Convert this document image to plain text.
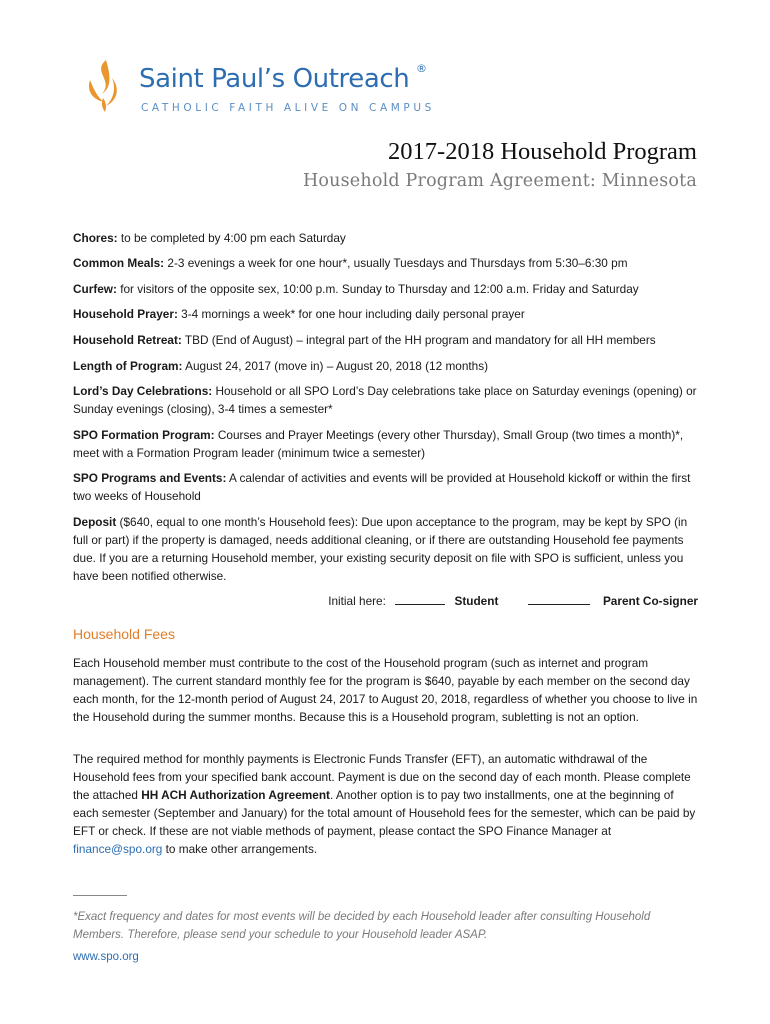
Saint Paul’s Outreach ®
CATHOLIC FAITH ALIVE ON CAMPUS
2017-2018 Household Program
Household Program Agreement: Minnesota
Chores: to be completed by 4:00 pm each Saturday
Common Meals: 2-3 evenings a week for one hour*, usually Tuesdays and Thursdays from 5:30–6:30 pm
Curfew: for visitors of the opposite sex, 10:00 p.m. Sunday to Thursday and 12:00 a.m. Friday and Saturday
Household Prayer: 3-4 mornings a week* for one hour including daily personal prayer
Household Retreat: TBD (End of August) – integral part of the HH program and mandatory for all HH members
Length of Program: August 24, 2017 (move in) – August 20, 2018 (12 months)
Lord’s Day Celebrations: Household or all SPO Lord’s Day celebrations take place on Saturday evenings (opening) or Sunday evenings (closing), 3-4 times a semester*
SPO Formation Program: Courses and Prayer Meetings (every other Thursday), Small Group (two times a month)*, meet with a Formation Program leader (minimum twice a semester)
SPO Programs and Events: A calendar of activities and events will be provided at Household kickoff or within the first two weeks of Household
Deposit ($640, equal to one month’s Household fees): Due upon acceptance to the program, may be kept by SPO (in full or part) if the property is damaged, needs additional cleaning, or if there are outstanding Household fee payments due. If you are a returning Household member, your existing security deposit on file with SPO is sufficient, unless you have been notified otherwise.
Initial here:	Student	Parent Co-signer
Household Fees
Each Household member must contribute to the cost of the Household program (such as internet and program management). The current standard monthly fee for the program is $640, payable by each member on the second day each month, for the 12-month period of August 24, 2017 to August 20, 2018, regardless of whether you choose to live in the Household during the summer months. Because this is a Household program, subletting is not an option.
The required method for monthly payments is Electronic Funds Transfer (EFT), an automatic withdrawal of the Household fees from your specified bank account. Payment is due on the second day of each month. Please complete the attached HH ACH Authorization Agreement. Another option is to pay two installments, one at the beginning of each semester (September and January) for the total amount of Household fees for the semester, which can be paid by EFT or check. If these are not viable methods of payment, please contact the SPO Finance Manager at finance@spo.org to make other arrangements.
*Exact frequency and dates for most events will be decided by each Household leader after consulting Household Members. Therefore, please send your schedule to your Household leader ASAP.
www.spo.org
